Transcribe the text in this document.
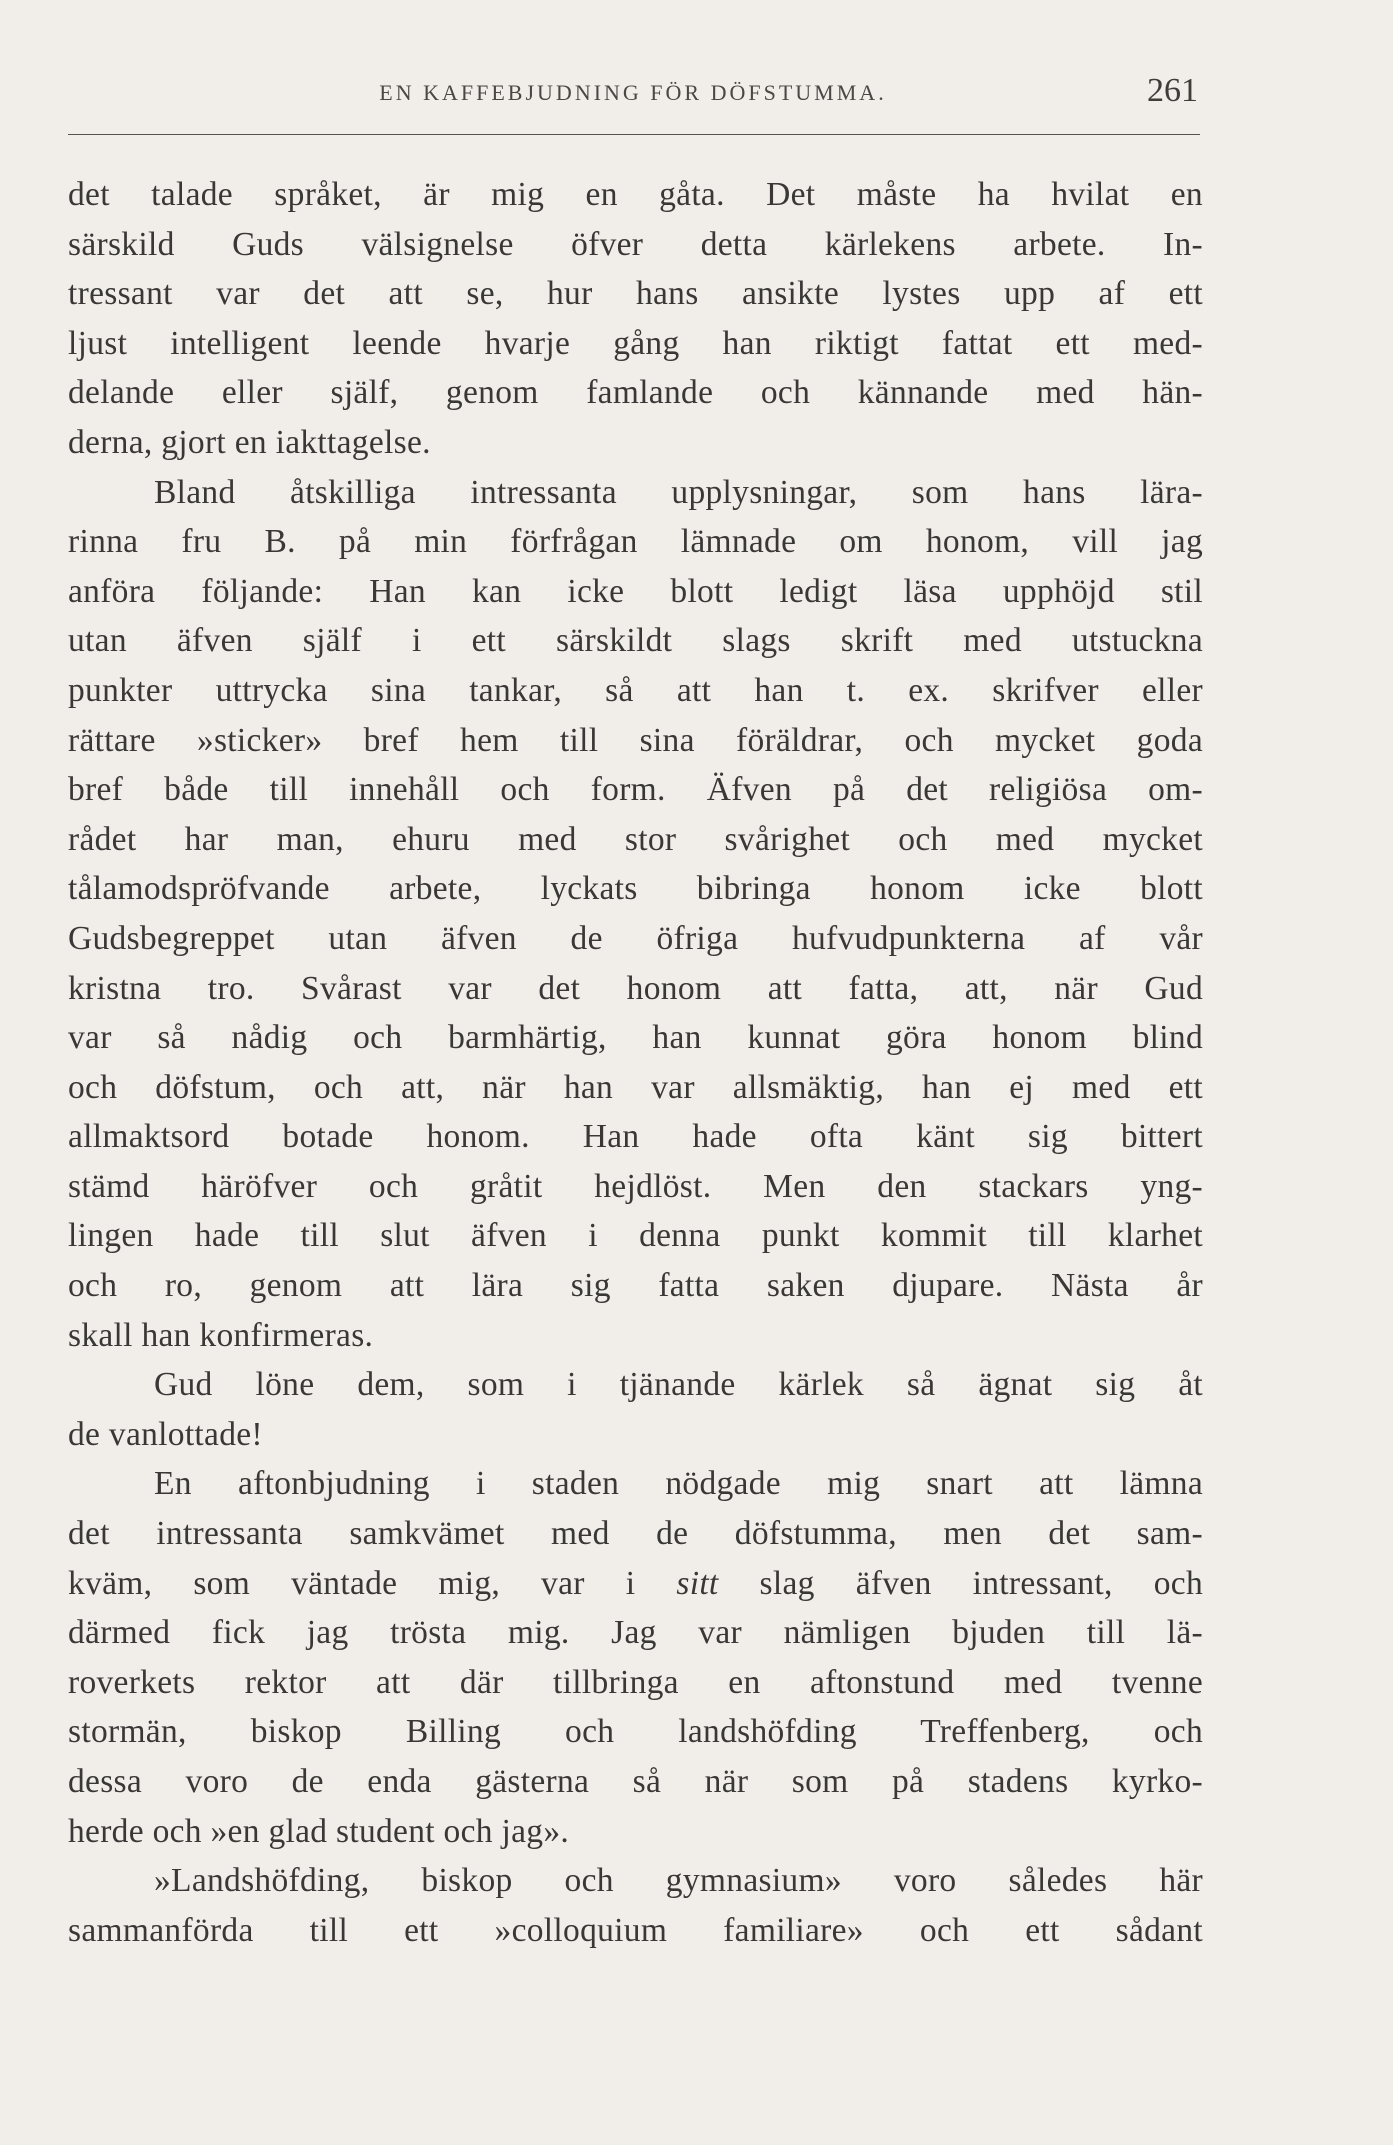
EN KAFFEBJUDNING FÖR DÖFSTUMMA.	261
det talade språket, är mig en gåta. Det måste ha hvilat en
särskild Guds välsignelse öfver detta kärlekens arbete. In-
tressant var det att se, hur hans ansikte lystes upp af ett
ljust intelligent leende hvarje gång han riktigt fattat ett med-
delande eller själf, genom famlande och kännande med hän-
derna, gjort en iakttagelse.
Bland åtskilliga intressanta upplysningar, som hans lära-
rinna fru B. på min förfrågan lämnade om honom, vill jag
anföra följande: Han kan icke blott ledigt läsa upphöjd stil
utan äfven själf i ett särskildt slags skrift med utstuckna
punkter uttrycka sina tankar, så att han t. ex. skrifver eller
rättare »sticker» bref hem till sina föräldrar, och mycket goda
bref både till innehåll och form. Äfven på det religiösa om-
rådet har man, ehuru med stor svårighet och med mycket
tålamodspröfvande arbete, lyckats bibringa honom icke blott
Gudsbegreppet utan äfven de öfriga hufvudpunkterna af vår
kristna tro. Svårast var det honom att fatta, att, när Gud
var så nådig och barmhärtig, han kunnat göra honom blind
och döfstum, och att, när han var allsmäktig, han ej med ett
allmaktsord botade honom. Han hade ofta känt sig bittert
stämd häröfver och gråtit hejdlöst. Men den stackars yng-
lingen hade till slut äfven i denna punkt kommit till klarhet
och ro, genom att lära sig fatta saken djupare. Nästa år
skall han konfirmeras.
Gud löne dem, som i tjänande kärlek så ägnat sig åt
de vanlottade!
En aftonbjudning i staden nödgade mig snart att lämna
det intressanta samkvämet med de döfstumma, men det sam-
kväm, som väntade mig, var i sitt slag äfven intressant, och
därmed fick jag trösta mig. Jag var nämligen bjuden till lä-
roverkets rektor att där tillbringa en aftonstund med tvenne
stormän, biskop Billing och landshöfding Treffenberg, och
dessa voro de enda gästerna så när som på stadens kyrko-
herde och »en glad student och jag».
»Landshöfding, biskop och gymnasium» voro således här
sammanförda till ett »colloquium familiare» och ett sådant
